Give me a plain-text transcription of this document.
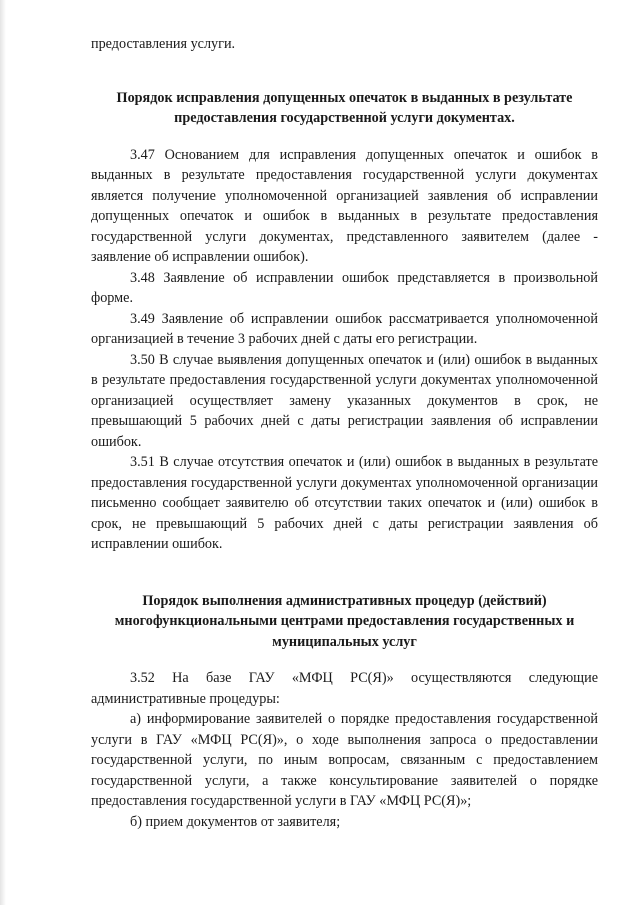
предоставления услуги.

Порядок исправления допущенных опечаток в выданных в результате предоставления государственной услуги документах.

3.47 Основанием для исправления допущенных опечаток и ошибок в выданных в результате предоставления государственной услуги документах является получение уполномоченной организацией заявления об исправлении допущенных опечаток и ошибок в выданных в результате предоставления государственной услуги документах, представленного заявителем (далее - заявление об исправлении ошибок).

3.48 Заявление об исправлении ошибок представляется в произвольной форме.

3.49 Заявление об исправлении ошибок рассматривается уполномоченной организацией в течение 3 рабочих дней с даты его регистрации.

3.50 В случае выявления допущенных опечаток и (или) ошибок в выданных в результате предоставления государственной услуги документах уполномоченной организацией осуществляет замену указанных документов в срок, не превышающий 5 рабочих дней с даты регистрации заявления об исправлении ошибок.

3.51 В случае отсутствия опечаток и (или) ошибок в выданных в результате предоставления государственной услуги документах уполномоченной организации письменно сообщает заявителю об отсутствии таких опечаток и (или) ошибок в срок, не превышающий 5 рабочих дней с даты регистрации заявления об исправлении ошибок.

Порядок выполнения административных процедур (действий) многофункциональными центрами предоставления государственных и муниципальных услуг

3.52 На базе ГАУ «МФЦ РС(Я)» осуществляются следующие административные процедуры:

а) информирование заявителей о порядке предоставления государственной услуги в ГАУ «МФЦ РС(Я)», о ходе выполнения запроса о предоставлении государственной услуги, по иным вопросам, связанным с предоставлением государственной услуги, а также консультирование заявителей о порядке предоставления государственной услуги в ГАУ «МФЦ РС(Я)»;

б) прием документов от заявителя;
